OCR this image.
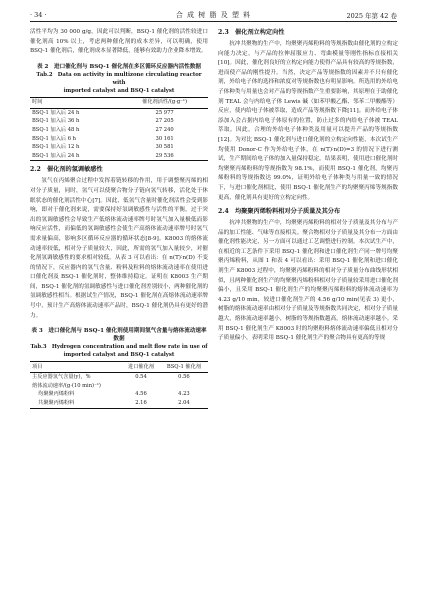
· 34 ·	合 成 树 脂 及 塑 料	2025 年第 42 卷

活性平均为 30 000 g/g，因此可以判断，BSQ-1 催化剂的活性较进口催化剂高 10% 以上，考虑两种催化剂的成本差异，可以明确，使用 BSQ-1 催化剂后，催化剂成本显著降低，能够有效助力企业降本增效。

表 2　进口催化剂与 BSQ-1 催化剂在多区循环反应器内活性数据
Tab.2　Data on activity in multizone circulating reactor with
imported catalyst and BSQ-1 catalyst
时间	催化剂活性/(g·g⁻¹)
BSQ-1 加入后 24 h	25 977
BSQ-1 加入后 36 h	27 205
BSQ-1 加入后 48 h	27 240
BSQ-1 加入后 6 h	30 161
BSQ-1 加入后 12 h	30 581
BSQ-1 加入后 24 h	29 536
2.2　催化剂的氢调敏感性

氢气在丙烯聚合过程中发挥着链转移的作用，用于调整聚丙烯的相对分子质量，同时，氢气可以使聚合物分子链向氢气转移，活化处于休眠状态的催化剂活性中心[7]。因此，低氢气含量时催化剂活性会受到影响，即对于催化剂来说，需要保持好氢调敏感性与活性的平衡，过于突出的氢调敏感性会导致生产低熔体流动速率牌号时氢气加入量极低而影响反应活性，而偏低的氢调敏感性会使生产高熔体流动速率牌号时氢气需求量偏高，影响多区循环反应器的循环状态[8-9]。K8003 的熔体流动速率较低，相对分子质量较大，因此，所需的氢气加入量较少，对催化剂氢调敏感性的要求相对较低。从表 3 可以看出：在 n(T)∶n(D) 不变的情况下，反应器内的氢气含量、粉料及粒料的熔体流动速率在使用进口催化剂及 BSQ-1 催化剂时，整体维持稳定。证明在 K8003 生产期间，BSQ-1 催化剂的氢调敏感性与进口催化剂差别较小，两种催化剂的氢调敏感性相当。根据试生产情况，BSQ-1 催化剂在高熔体流动速率牌号中，预计生产高熔体流动速率产品时，BSQ-1 催化剂仍具有更好的潜力。

表 3　进口催化剂与 BSQ-1 催化剂使用期间氢气含量与熔体流动速率数据
Tab.3　Hydrogen concentration and melt flow rate in use of
imported catalyst and BSQ-1 catalyst
项目	进口催化剂	BSQ-1 催化剂
主反应器氢气含量(y)，%	0.54	0.56
熔体流动速率/(g·(10 min)⁻¹)		
均聚聚丙烯粉料	4.56	4.23
共聚聚丙烯粉料	2.16	2.04
2.3　催化剂立构定向性

抗冲共聚物的生产中，均聚聚丙烯粉料的等规指数由催化剂的立构定向能力决定，与产品的拉伸屈服应力、弯曲模量等刚性指标直接相关[10]。因此，催化剂良好的立构定向能力使得产品具有较高的等规指数，进而使产品的刚性提升。当然，决定产品等规指数的因素并不只有催化剂，外给电子体的选择和浓度对等规指数也有明显影响。所选用的外给电子体种类与用量也会对产品的等规指数产生重要影响，其原理在于助催化剂 TEAL 会与内给电子体 Lewis 碱（如苯甲酸乙酯、邻苯二甲酸酯等）反应，使内给电子体被萃取，造成产品等规指数下降[11]。而外给电子体添加入会占据内给电子体原有的位置，防止过多的内给电子体被 TEAL 萃取。因此，合理的外给电子体种类及用量可以提升产品的等规指数[12]。为对比 BSQ-1 催化剂与进口催化剂的立构定向性能，本次试生产均使用 Donor-C 作为外给电子体，在 n(T)∶n(D)=3 的情况下进行测试，生产期间给电子体的加入量保持稳定。结果表明，使用进口催化剂时均聚聚丙烯粉料的等规指数为 98.1%，而使用 BSQ-1 催化剂，均聚丙烯粉料的等规指数达 99.0%，证明外给电子体种类与用量一致的情况下，与进口催化剂相比，使用 BSQ-1 催化剂生产的均聚聚丙烯等规指数更高，催化剂具有更好的立构定向性。

2.4　均聚聚丙烯粉料相对分子质量及其分布

抗冲共聚物的生产中，均聚聚丙烯粉料的相对分子质量及其分布与产品的加工性能、气味等直接相关。聚合物相对分子质量及其分布一方面由催化剂性能决定，另一方面可以通过工艺调整进行控制。本次试生产中，在相近的工艺条件下采用 BSQ-1 催化剂和进口催化剂生产同一牌号均聚聚丙烯粉料，从图 1 和表 4 可以看出：采用 BSQ-1 催化剂和进口催化剂生产 K8003 过程中，均聚聚丙烯粉料的相对分子质量分布曲线形状相似，且两种催化剂生产的均聚聚丙烯粉料相对分子质量较采用进口催化剂偏小，且采用 BSQ-1 催化剂生产的均聚聚丙烯粉料的熔体流动速率为 4.23 g/10 min，较进口催化剂生产的 4.56 g/10 min(见表 3) 更小，树脂的熔体流动速率由相对分子质量及等规指数共同决定，相对分子质量越大，熔体流动速率越小，树脂的等规指数越高，熔体流动速率越小。采用 BSQ-1 催化剂生产 K8003 时的均聚粉料熔体流动速率偏低且相对分子质量偏小，表明采用 BSQ-1 催化剂生产的聚合物具有更高的等规
